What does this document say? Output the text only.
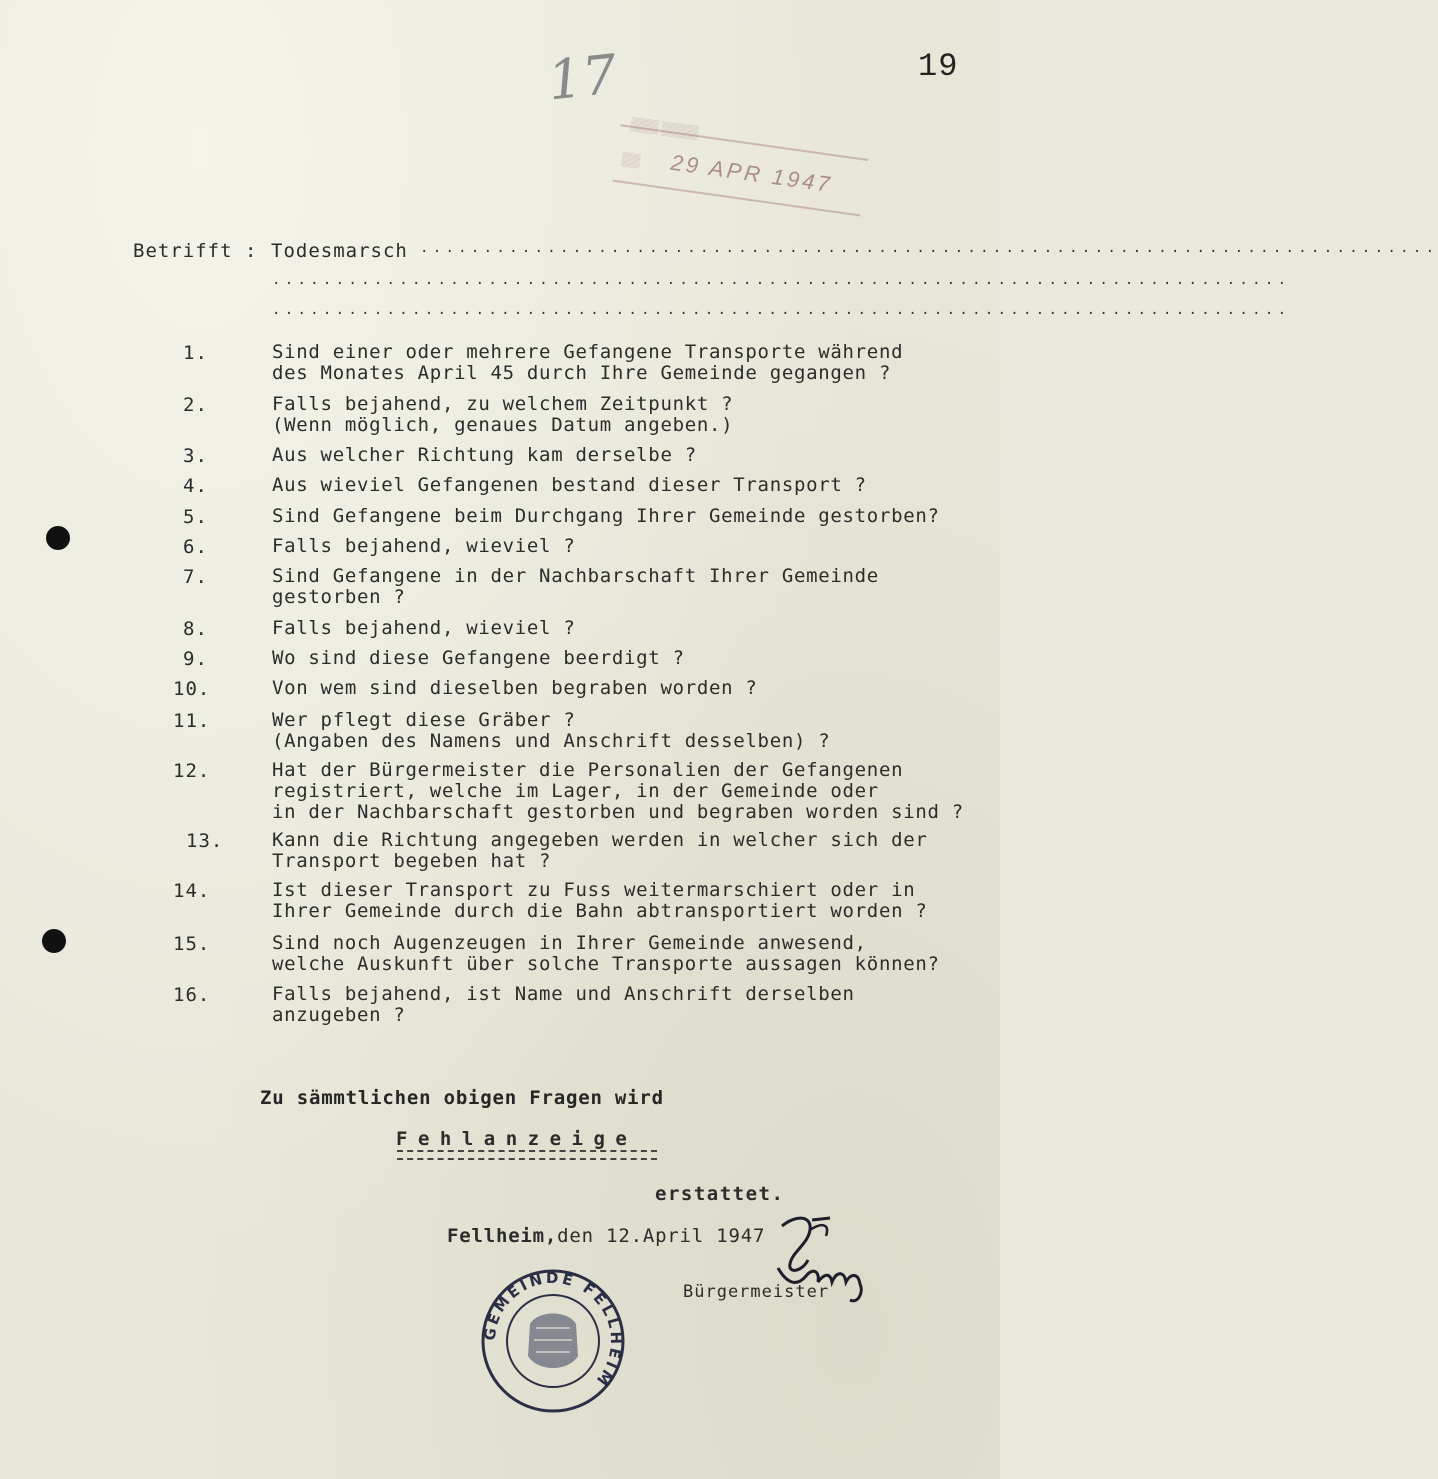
17	19
▒▒▒ ▒▒▒▒
▒▒ 29 APR 1947
Betrifft : Todesmarsch ················································································
················································································
················································································
1.	Sind einer oder mehrere Gefangene Transporte während
des Monates April 45 durch Ihre Gemeinde gegangen ?
2.	Falls bejahend, zu welchem Zeitpunkt ?
(Wenn möglich, genaues Datum angeben.)
3.	Aus welcher Richtung kam derselbe ?
4.	Aus wieviel Gefangenen bestand dieser Transport ?
5.	Sind Gefangene beim Durchgang Ihrer Gemeinde gestorben?
6.	Falls bejahend, wieviel ?
7.	Sind Gefangene in der Nachbarschaft Ihrer Gemeinde
gestorben ?
8.	Falls bejahend, wieviel ?
9.	Wo sind diese Gefangene beerdigt ?
10.	Von wem sind dieselben begraben worden ?
11.	Wer pflegt diese Gräber ?
(Angaben des Namens und Anschrift desselben) ?
12.	Hat der Bürgermeister die Personalien der Gefangenen
registriert, welche im Lager, in der Gemeinde oder
in der Nachbarschaft gestorben und begraben worden sind ?
13.	Kann die Richtung angegeben werden in welcher sich der
Transport begeben hat ?
14.	Ist dieser Transport zu Fuss weitermarschiert oder in
Ihrer Gemeinde durch die Bahn abtransportiert worden ?
15.	Sind noch Augenzeugen in Ihrer Gemeinde anwesend,
welche Auskunft über solche Transporte aussagen können?
16.	Falls bejahend, ist Name und Anschrift derselben
anzugeben ?
Zu sämmtlichen obigen Fragen wird
Fehlanzeige
erstattet.
Fellheim,den 12.April 1947
Bürgermeister
GEMEINDE FELLHEIM
